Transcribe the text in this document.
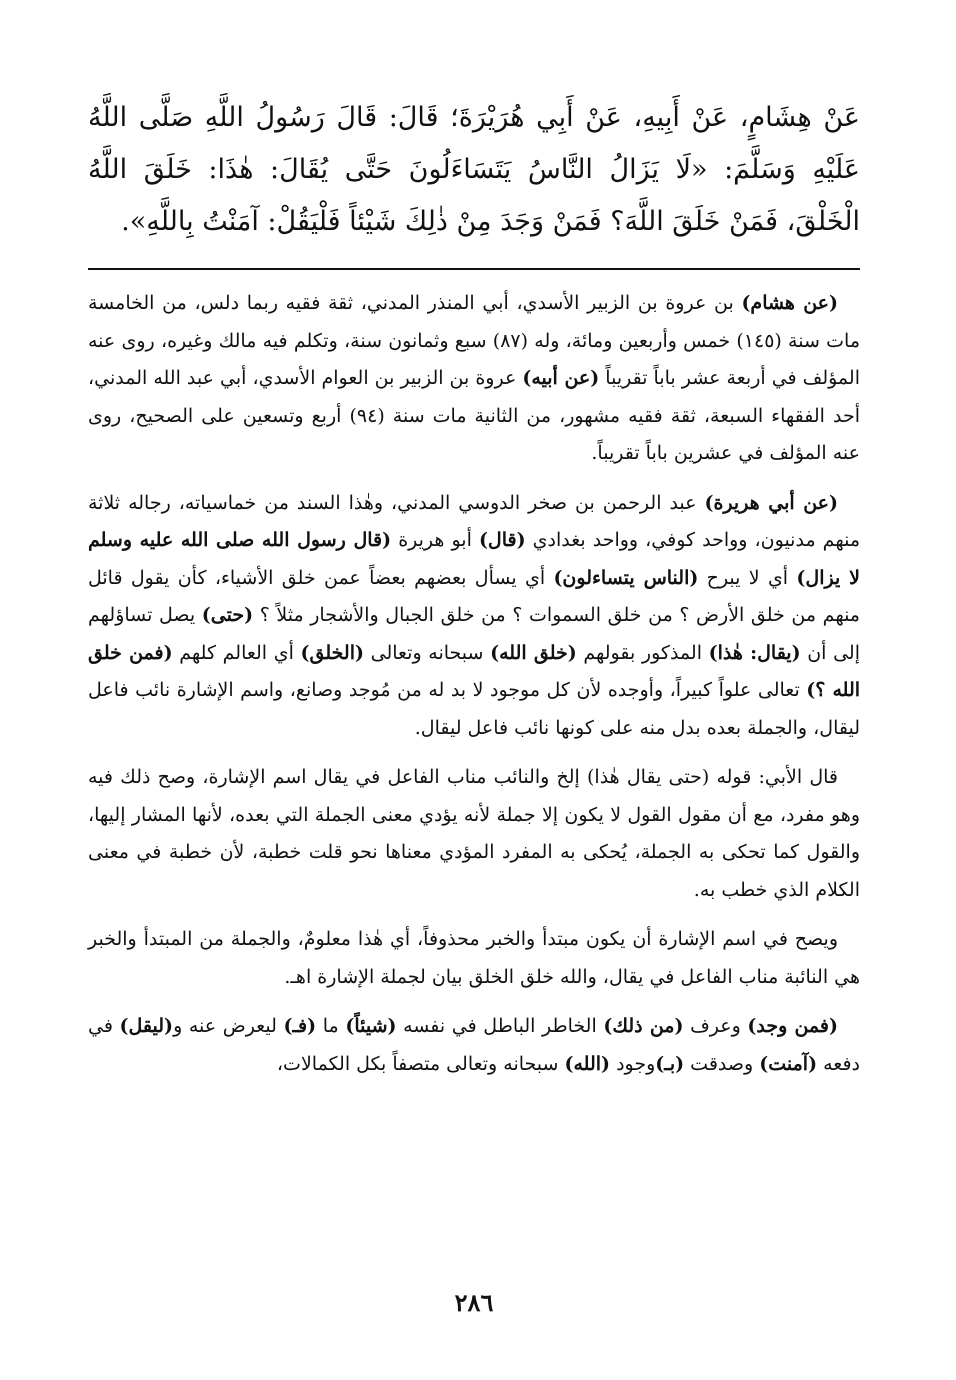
عَنْ هِشَامٍ، عَنْ أَبِيهِ، عَنْ أَبِي هُرَيْرَةَ؛ قَالَ: قَالَ رَسُولُ اللَّهِ صَلَّى اللَّهُ عَلَيْهِ وَسَلَّمَ: «لَا يَزَالُ النَّاسُ يَتَسَاءَلُونَ حَتَّى يُقَالَ: هٰذَا: خَلَقَ اللَّهُ الْخَلْقَ، فَمَنْ خَلَقَ اللَّهَ؟ فَمَنْ وَجَدَ مِنْ ذٰلِكَ شَيْئاً فَلْيَقُلْ: آمَنْتُ بِاللَّهِ».

(عن هشام) بن عروة بن الزبير الأسدي، أبي المنذر المدني، ثقة فقيه ربما دلس، من الخامسة مات سنة (١٤٥) خمس وأربعين ومائة، وله (٨٧) سبع وثمانون سنة، وتكلم فيه مالك وغيره، روى عنه المؤلف في أربعة عشر باباً تقريباً (عن أبيه) عروة بن الزبير بن العوام الأسدي، أبي عبد الله المدني، أحد الفقهاء السبعة، ثقة فقيه مشهور، من الثانية مات سنة (٩٤) أربع وتسعين على الصحيح، روى عنه المؤلف في عشرين باباً تقريباً.

(عن أبي هريرة) عبد الرحمن بن صخر الدوسي المدني، وهٰذا السند من خماسياته، رجاله ثلاثة منهم مدنيون، وواحد كوفي، وواحد بغدادي (قال) أبو هريرة (قال رسول الله صلى الله عليه وسلم لا يزال) أي لا يبرح (الناس يتساءلون) أي يسأل بعضهم بعضاً عمن خلق الأشياء، كأن يقول قائل منهم من خلق الأرض ؟ من خلق السموات ؟ من خلق الجبال والأشجار مثلاً ؟ (حتى) يصل تساؤلهم إلى أن (يقال: هٰذا) المذكور بقولهم (خلق الله) سبحانه وتعالى (الخلق) أي العالم كلهم (فمن خلق الله ؟) تعالى علواً كبيراً، وأوجده لأن كل موجود لا بد له من مُوجد وصانع، واسم الإشارة نائب فاعل ليقال، والجملة بعده بدل منه على كونها نائب فاعل ليقال.

قال الأبي: قوله (حتى يقال هٰذا) إلخ والنائب مناب الفاعل في يقال اسم الإشارة، وصح ذلك فيه وهو مفرد، مع أن مقول القول لا يكون إلا جملة لأنه يؤدي معنى الجملة التي بعده، لأنها المشار إليها، والقول كما تحكى به الجملة، يُحكى به المفرد المؤدي معناها نحو قلت خطبة، لأن خطبة في معنى الكلام الذي خطب به.

ويصح في اسم الإشارة أن يكون مبتدأ والخبر محذوفاً، أي هٰذا معلومٌ، والجملة من المبتدأ والخبر هي النائبة مناب الفاعل في يقال، والله خلق الخلق بيان لجملة الإشارة اهـ.

(فمن وجد) وعرف (من ذلك) الخاطر الباطل في نفسه (شيئاً) ما (فـ) ليعرض عنه و(ليقل) في دفعه (آمنت) وصدقت (بـ)وجود (الله) سبحانه وتعالى متصفاً بكل الكمالات،

٢٨٦
